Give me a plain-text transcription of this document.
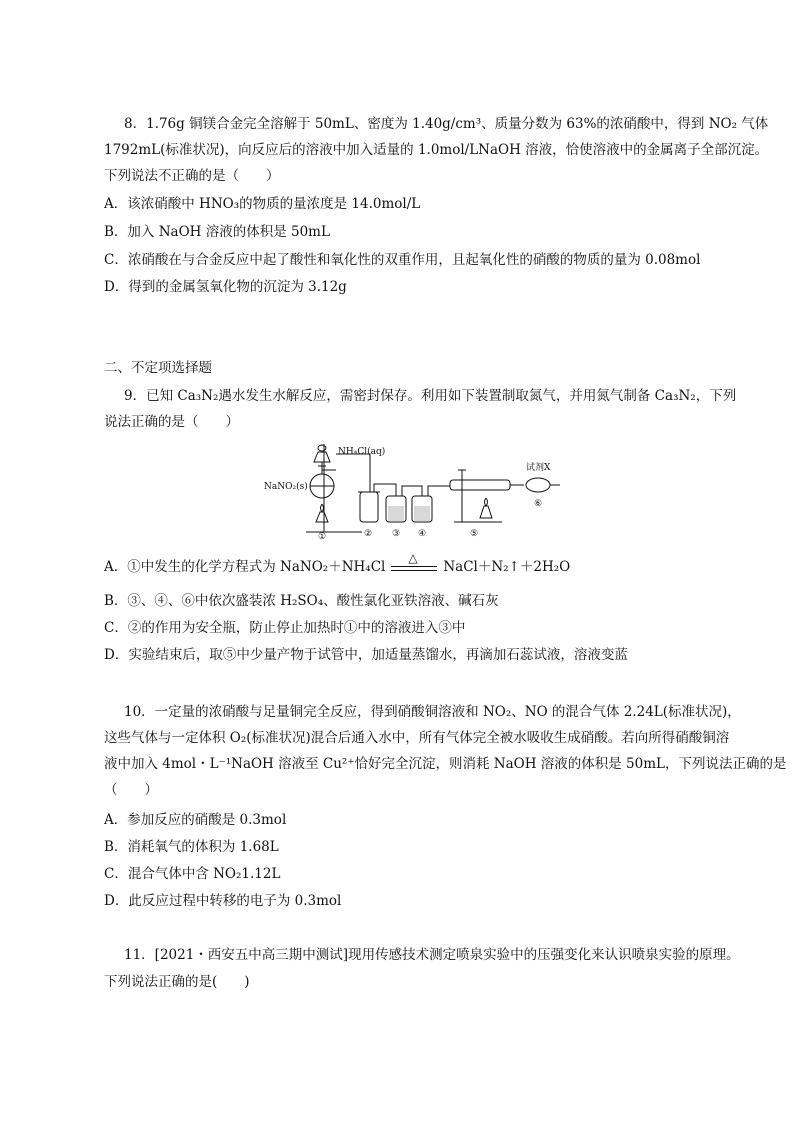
8．1.76g 铜镁合金完全溶解于 50mL、密度为 1.40g/cm³、质量分数为 63%的浓硝酸中，得到 NO₂ 气体
1792mL(标准状况)，向反应后的溶液中加入适量的 1.0mol/LNaOH 溶液，恰使溶液中的金属离子全部沉淀。
下列说法不正确的是（　　）
A．该浓硝酸中 HNO₃的物质的量浓度是 14.0mol/L
B．加入 NaOH 溶液的体积是 50mL
C．浓硝酸在与合金反应中起了酸性和氧化性的双重作用，且起氧化性的硝酸的物质的量为 0.08mol
D．得到的金属氢氧化物的沉淀为 3.12g
二、不定项选择题
9．已知 Ca₃N₂遇水发生水解反应，需密封保存。利用如下装置制取氮气，并用氮气制备 Ca₃N₂，下列
说法正确的是（　　）
NH₄Cl(aq)
NaNO₂(s)
试剂X
①	② ③ ④	⑤
⑥
A．①中发生的化学方程式为 NaNO₂＋NH₄Cl
△
NaCl＋N₂↑＋2H₂O
B．③、④、⑥中依次盛装浓 H₂SO₄、酸性氯化亚铁溶液、碱石灰
C．②的作用为安全瓶，防止停止加热时①中的溶液进入③中
D．实验结束后，取⑤中少量产物于试管中，加适量蒸馏水，再滴加石蕊试液，溶液变蓝
10．一定量的浓硝酸与足量铜完全反应，得到硝酸铜溶液和 NO₂、NO 的混合气体 2.24L(标准状况)，
这些气体与一定体积 O₂(标准状况)混合后通入水中，所有气体完全被水吸收生成硝酸。若向所得硝酸铜溶
液中加入 4mol・L⁻¹NaOH 溶液至 Cu²⁺恰好完全沉淀，则消耗 NaOH 溶液的体积是 50mL，下列说法正确的是
（　　）
A．参加反应的硝酸是 0.3mol
B．消耗氧气的体积为 1.68L
C．混合气体中含 NO₂1.12L
D．此反应过程中转移的电子为 0.3mol
11．[2021・西安五中高三期中测试]现用传感技术测定喷泉实验中的压强变化来认识喷泉实验的原理。
下列说法正确的是(　　)
